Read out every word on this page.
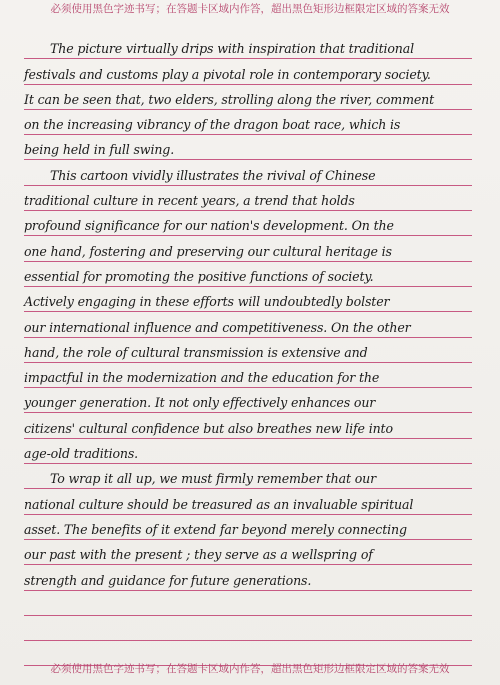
必须使用黑色字迹书写；在答题卡区域内作答，超出黑色矩形边框限定区域的答案无效
The picture virtually drips with inspiration that traditional
festivals and customs play a pivotal role in contemporary society.
It can be seen that, two elders, strolling along the river, comment
on the increasing vibrancy of the dragon boat race, which is
being held in full swing.
This cartoon vividly illustrates the rivival of Chinese
traditional culture in recent years, a trend that holds
profound significance for our nation's development. On the
one hand, fostering and preserving our cultural heritage is
essential for promoting the positive functions of society.
Actively engaging in these efforts will undoubtedly bolster
our international influence and competitiveness. On the other
hand, the role of cultural transmission is extensive and
impactful in the modernization and the education for the
younger generation. It not only effectively enhances our
citizens' cultural confidence but also breathes new life into
age-old traditions.
To wrap it all up, we must firmly remember that our
national culture should be treasured as an invaluable spiritual
asset. The benefits of it extend far beyond merely connecting
our past with the present ; they serve as a wellspring of
strength and guidance for future generations.
必须使用黑色字迹书写；在答题卡区域内作答，超出黑色矩形边框限定区域的答案无效
